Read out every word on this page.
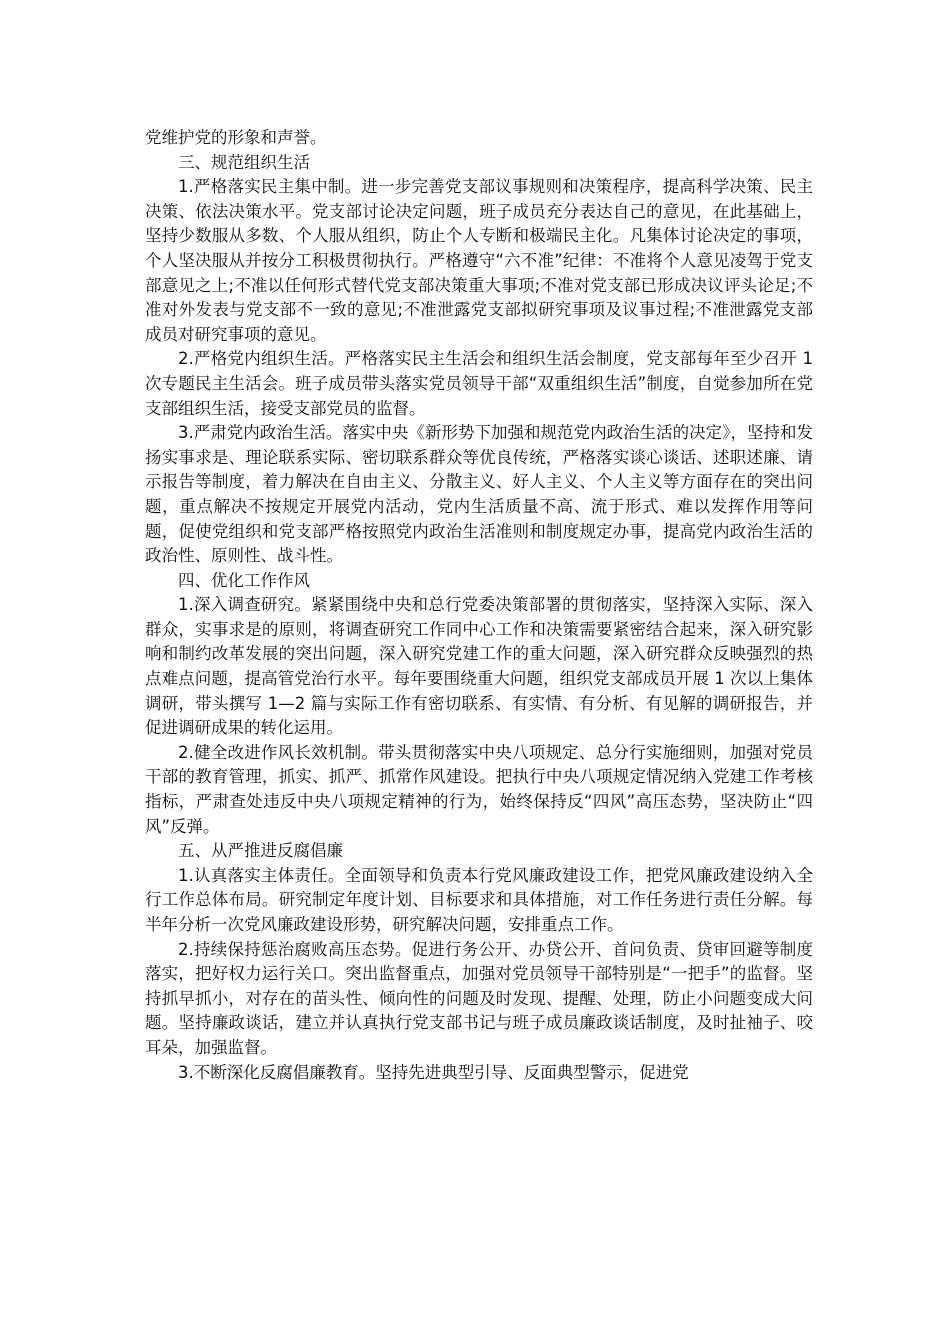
党维护党的形象和声誉。

三、规范组织生活

1.严格落实民主集中制。进一步完善党支部议事规则和决策程序，提高科学决策、民主决策、依法决策水平。党支部讨论决定问题，班子成员充分表达自己的意见，在此基础上，坚持少数服从多数、个人服从组织，防止个人专断和极端民主化。凡集体讨论决定的事项，个人坚决服从并按分工积极贯彻执行。严格遵守“六不准”纪律：不准将个人意见凌驾于党支部意见之上;不准以任何形式替代党支部决策重大事项;不准对党支部已形成决议评头论足;不准对外发表与党支部不一致的意见;不准泄露党支部拟研究事项及议事过程;不准泄露党支部成员对研究事项的意见。

2.严格党内组织生活。严格落实民主生活会和组织生活会制度，党支部每年至少召开 1 次专题民主生活会。班子成员带头落实党员领导干部“双重组织生活”制度，自觉参加所在党支部组织生活，接受支部党员的监督。

3.严肃党内政治生活。落实中央《新形势下加强和规范党内政治生活的决定》，坚持和发扬实事求是、理论联系实际、密切联系群众等优良传统，严格落实谈心谈话、述职述廉、请示报告等制度，着力解决在自由主义、分散主义、好人主义、个人主义等方面存在的突出问题，重点解决不按规定开展党内活动，党内生活质量不高、流于形式、难以发挥作用等问题，促使党组织和党支部严格按照党内政治生活准则和制度规定办事，提高党内政治生活的政治性、原则性、战斗性。

四、优化工作作风

1.深入调查研究。紧紧围绕中央和总行党委决策部署的贯彻落实，坚持深入实际、深入群众，实事求是的原则，将调查研究工作同中心工作和决策需要紧密结合起来，深入研究影响和制约改革发展的突出问题，深入研究党建工作的重大问题，深入研究群众反映强烈的热点难点问题，提高管党治行水平。每年要围绕重大问题，组织党支部成员开展 1 次以上集体调研，带头撰写 1—2 篇与实际工作有密切联系、有实情、有分析、有见解的调研报告，并促进调研成果的转化运用。

2.健全改进作风长效机制。带头贯彻落实中央八项规定、总分行实施细则，加强对党员干部的教育管理，抓实、抓严、抓常作风建设。把执行中央八项规定情况纳入党建工作考核指标，严肃查处违反中央八项规定精神的行为，始终保持反“四风”高压态势，坚决防止“四风”反弹。

五、从严推进反腐倡廉

1.认真落实主体责任。全面领导和负责本行党风廉政建设工作，把党风廉政建设纳入全行工作总体布局。研究制定年度计划、目标要求和具体措施，对工作任务进行责任分解。每半年分析一次党风廉政建设形势，研究解决问题，安排重点工作。

2.持续保持惩治腐败高压态势。促进行务公开、办贷公开、首问负责、贷审回避等制度落实，把好权力运行关口。突出监督重点，加强对党员领导干部特别是“一把手”的监督。坚持抓早抓小，对存在的苗头性、倾向性的问题及时发现、提醒、处理，防止小问题变成大问题。坚持廉政谈话，建立并认真执行党支部书记与班子成员廉政谈话制度，及时扯袖子、咬耳朵，加强监督。

3.不断深化反腐倡廉教育。坚持先进典型引导、反面典型警示，促进党
